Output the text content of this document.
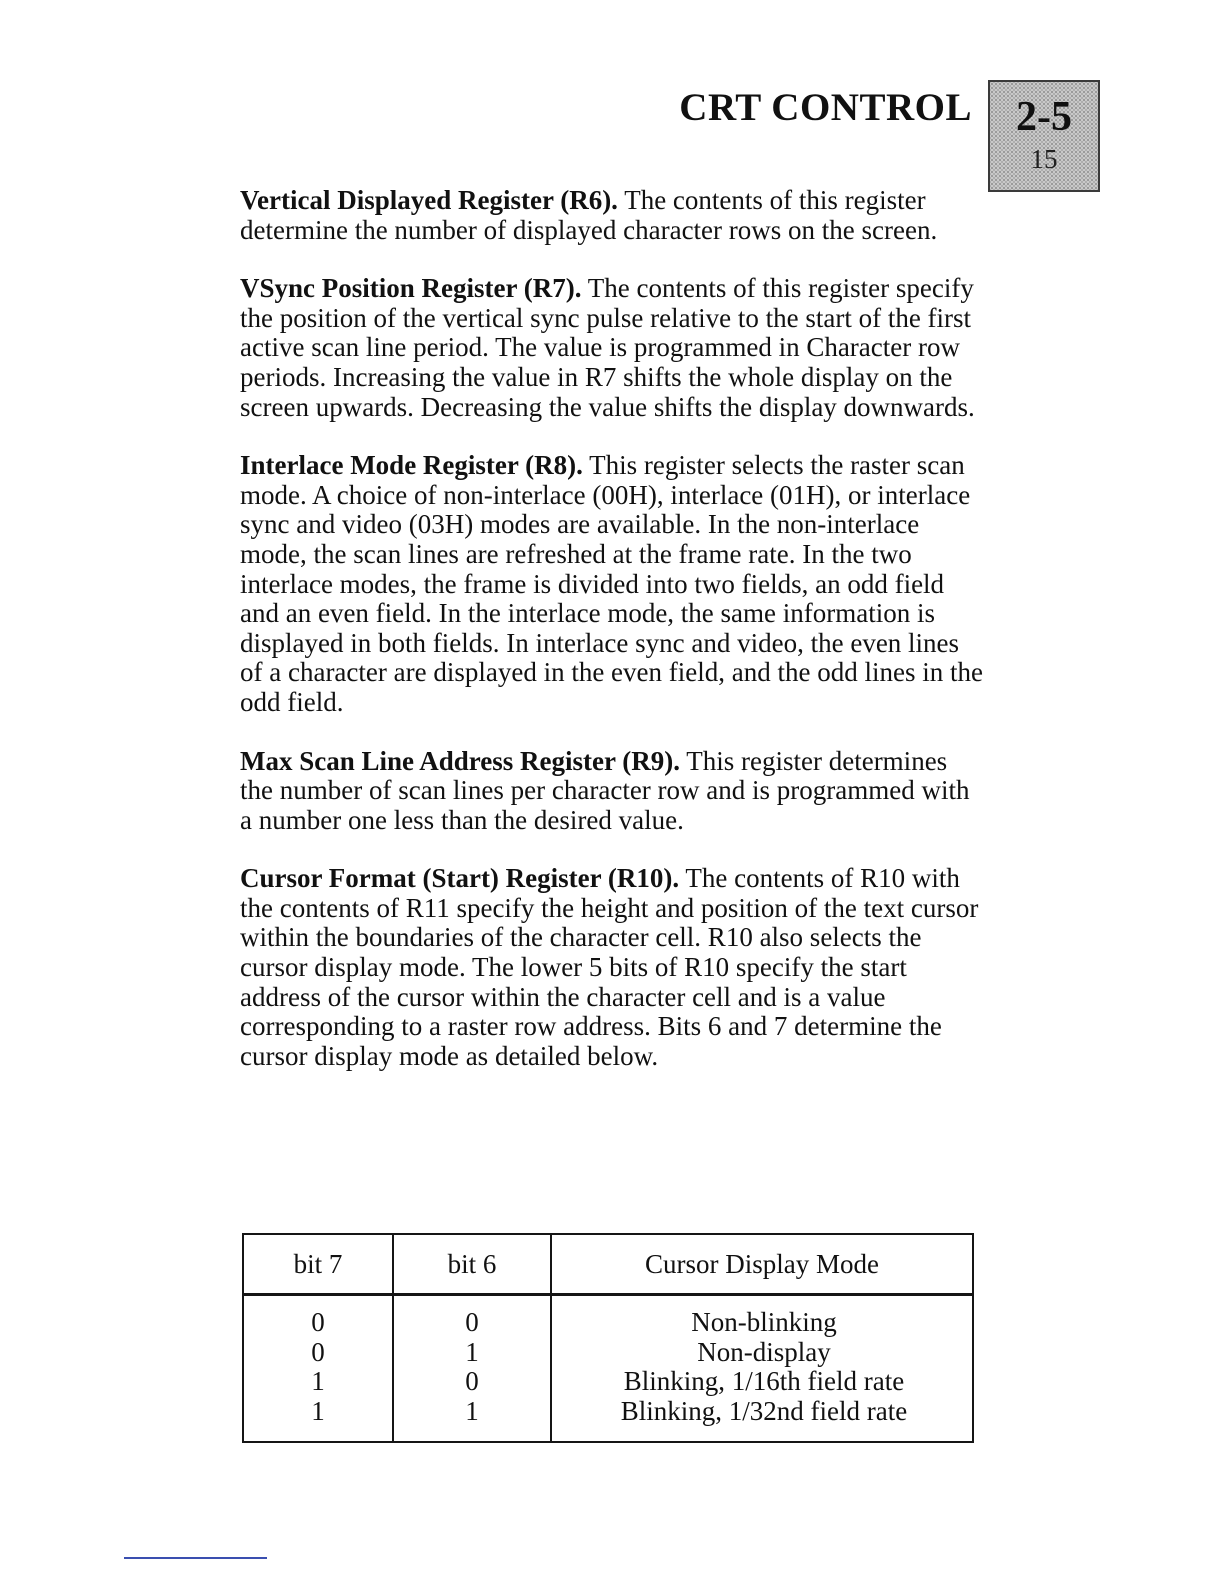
CRT CONTROL	2-5
15

Vertical Displayed Register (R6). The contents of this register determine the number of displayed character rows on the screen.

VSync Position Register (R7). The contents of this register specify the position of the vertical sync pulse relative to the start of the first active scan line period. The value is programmed in Character row periods. Increasing the value in R7 shifts the whole display on the screen upwards. Decreasing the value shifts the display downwards.

Interlace Mode Register (R8). This register selects the raster scan mode. A choice of non-interlace (00H), interlace (01H), or interlace sync and video (03H) modes are available. In the non-interlace mode, the scan lines are refreshed at the frame rate. In the two interlace modes, the frame is divided into two fields, an odd field and an even field. In the interlace mode, the same information is displayed in both fields. In interlace sync and video, the even lines of a character are displayed in the even field, and the odd lines in the odd field.

Max Scan Line Address Register (R9). This register determines the number of scan lines per character row and is programmed with a number one less than the desired value.

Cursor Format (Start) Register (R10). The contents of R10 with the contents of R11 specify the height and position of the text cursor within the boundaries of the character cell. R10 also selects the cursor display mode. The lower 5 bits of R10 specify the start address of the cursor within the character cell and is a value corresponding to a raster row address. Bits 6 and 7 determine the cursor display mode as detailed below.

bit 7	bit 6	Cursor Display Mode
0	0	Non-blinking
0	1	Non-display
1	0	Blinking, 1/16th field rate
1	1	Blinking, 1/32nd field rate
